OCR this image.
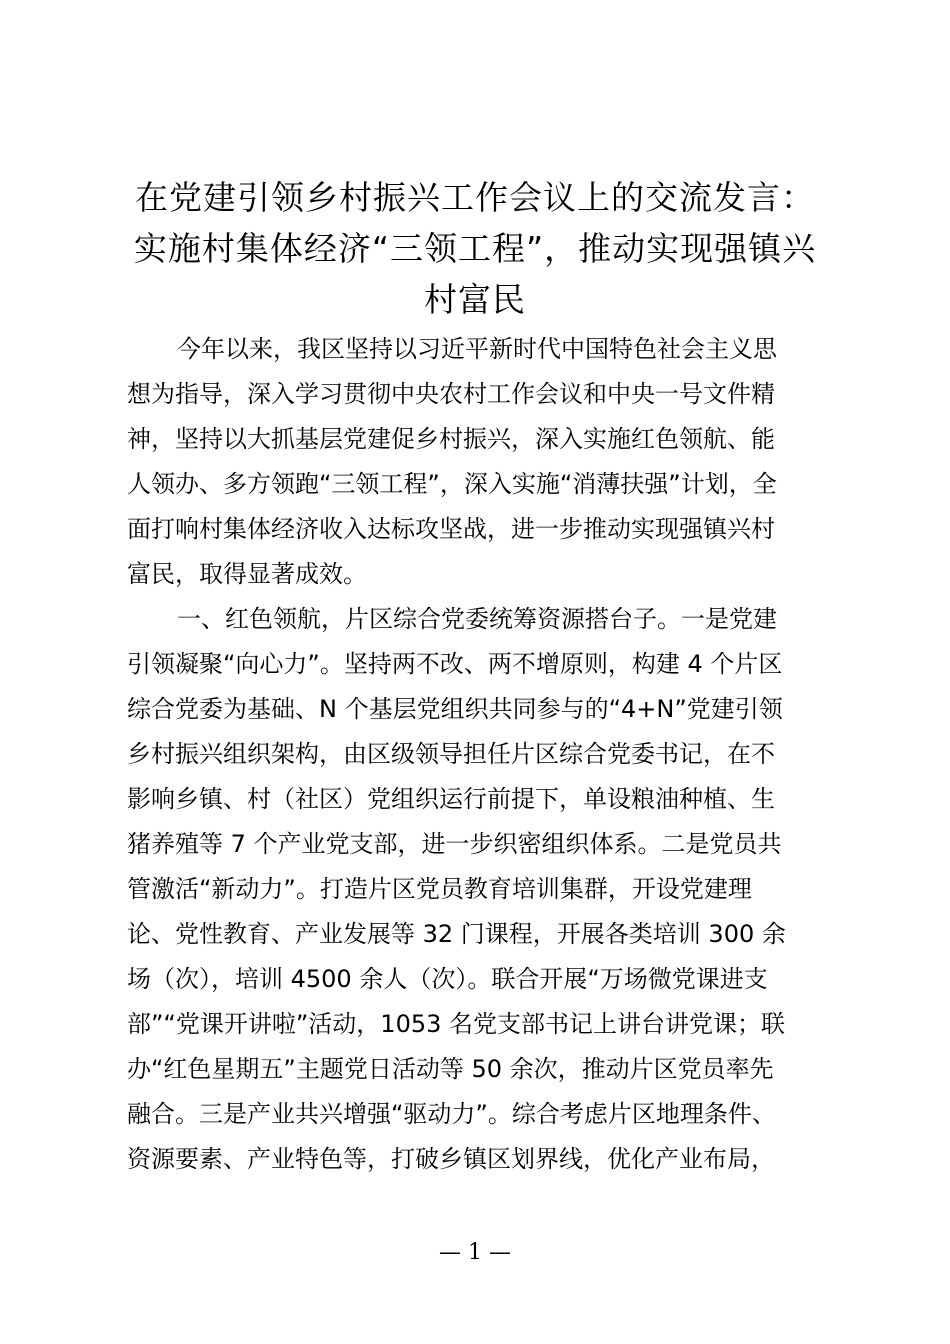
在党建引领乡村振兴工作会议上的交流发言：
实施村集体经济“三领工程”，推动实现强镇兴
村富民
今年以来，我区坚持以习近平新时代中国特色社会主义思
想为指导，深入学习贯彻中央农村工作会议和中央一号文件精
神，坚持以大抓基层党建促乡村振兴，深入实施红色领航、能
人领办、多方领跑“三领工程”，深入实施“消薄扶强”计划，全
面打响村集体经济收入达标攻坚战，进一步推动实现强镇兴村
富民，取得显著成效。
一、红色领航，片区综合党委统筹资源搭台子。一是党建
引领凝聚“向心力”。坚持两不改、两不增原则，构建 4 个片区
综合党委为基础、N 个基层党组织共同参与的“4+N”党建引领
乡村振兴组织架构，由区级领导担任片区综合党委书记，在不
影响乡镇、村（社区）党组织运行前提下，单设粮油种植、生
猪养殖等 7 个产业党支部，进一步织密组织体系。二是党员共
管激活“新动力”。打造片区党员教育培训集群，开设党建理
论、党性教育、产业发展等 32 门课程，开展各类培训 300 余
场（次），培训 4500 余人（次）。联合开展“万场微党课进支
部”“党课开讲啦”活动，1053 名党支部书记上讲台讲党课；联
办“红色星期五”主题党日活动等 50 余次，推动片区党员率先
融合。三是产业共兴增强“驱动力”。综合考虑片区地理条件、
资源要素、产业特色等，打破乡镇区划界线，优化产业布局，
— 1 —
